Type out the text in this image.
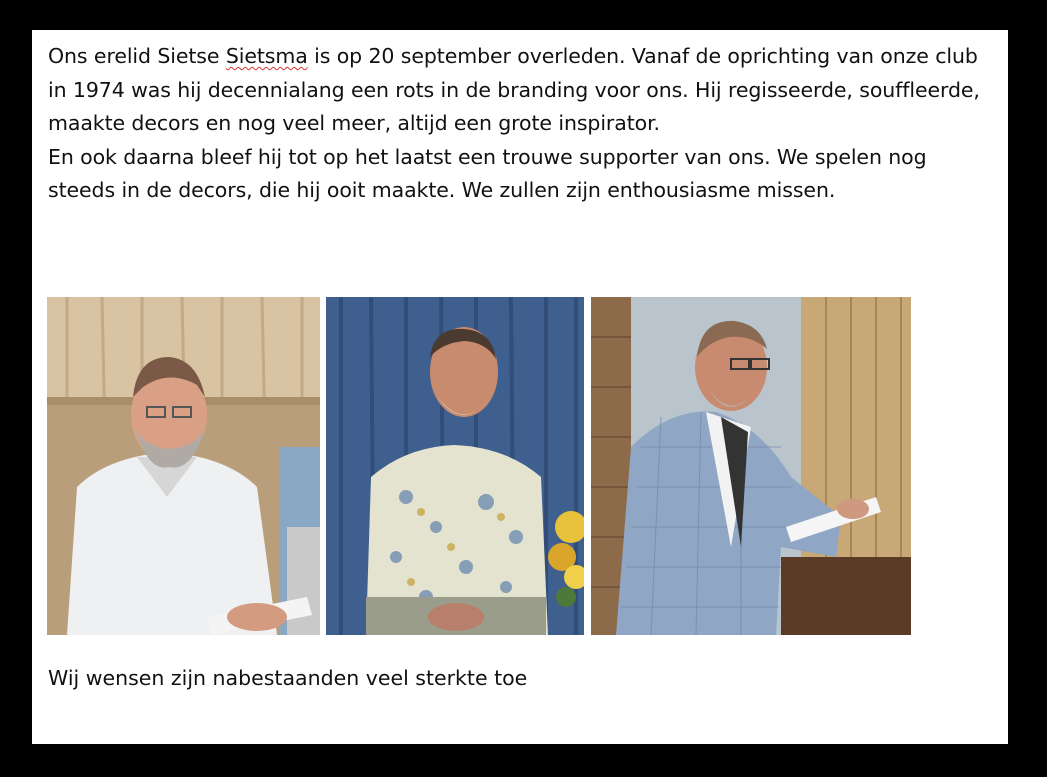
Ons erelid Sietse Sietsma is op 20 september overleden. Vanaf de oprichting van onze club in 1974 was hij decennialang een rots in de branding voor ons. Hij regisseerde, souffleerde, maakte decors en nog veel meer, altijd een grote inspirator.

En ook daarna bleef hij tot op het laatst een trouwe supporter van ons. We spelen nog steeds in de decors, die hij ooit maakte. We zullen zijn enthousiasme missen.

Wij wensen zijn nabestaanden veel sterkte toe
